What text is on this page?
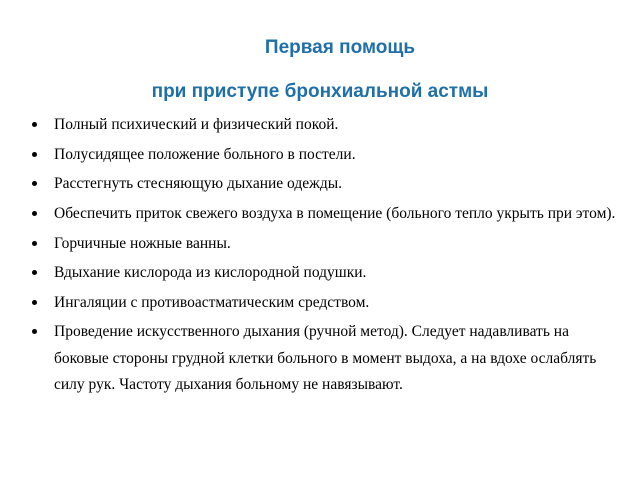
Первая помощь
при приступе бронхиальной астмы
Полный психический и физический покой.
Полусидящее положение больного в постели.
Расстегнуть стесняющую дыхание одежды.
Обеспечить приток свежего воздуха в помещение (больного тепло укрыть при этом).
Горчичные ножные ванны.
Вдыхание кислорода из кислородной подушки.
Ингаляции с противоастматическим средством.
Проведение искусственного дыхания (ручной метод). Следует надавливать на боковые стороны грудной клетки больного в момент выдоха, а на вдохе ослаблять силу рук. Частоту дыхания больному не навязывают.
